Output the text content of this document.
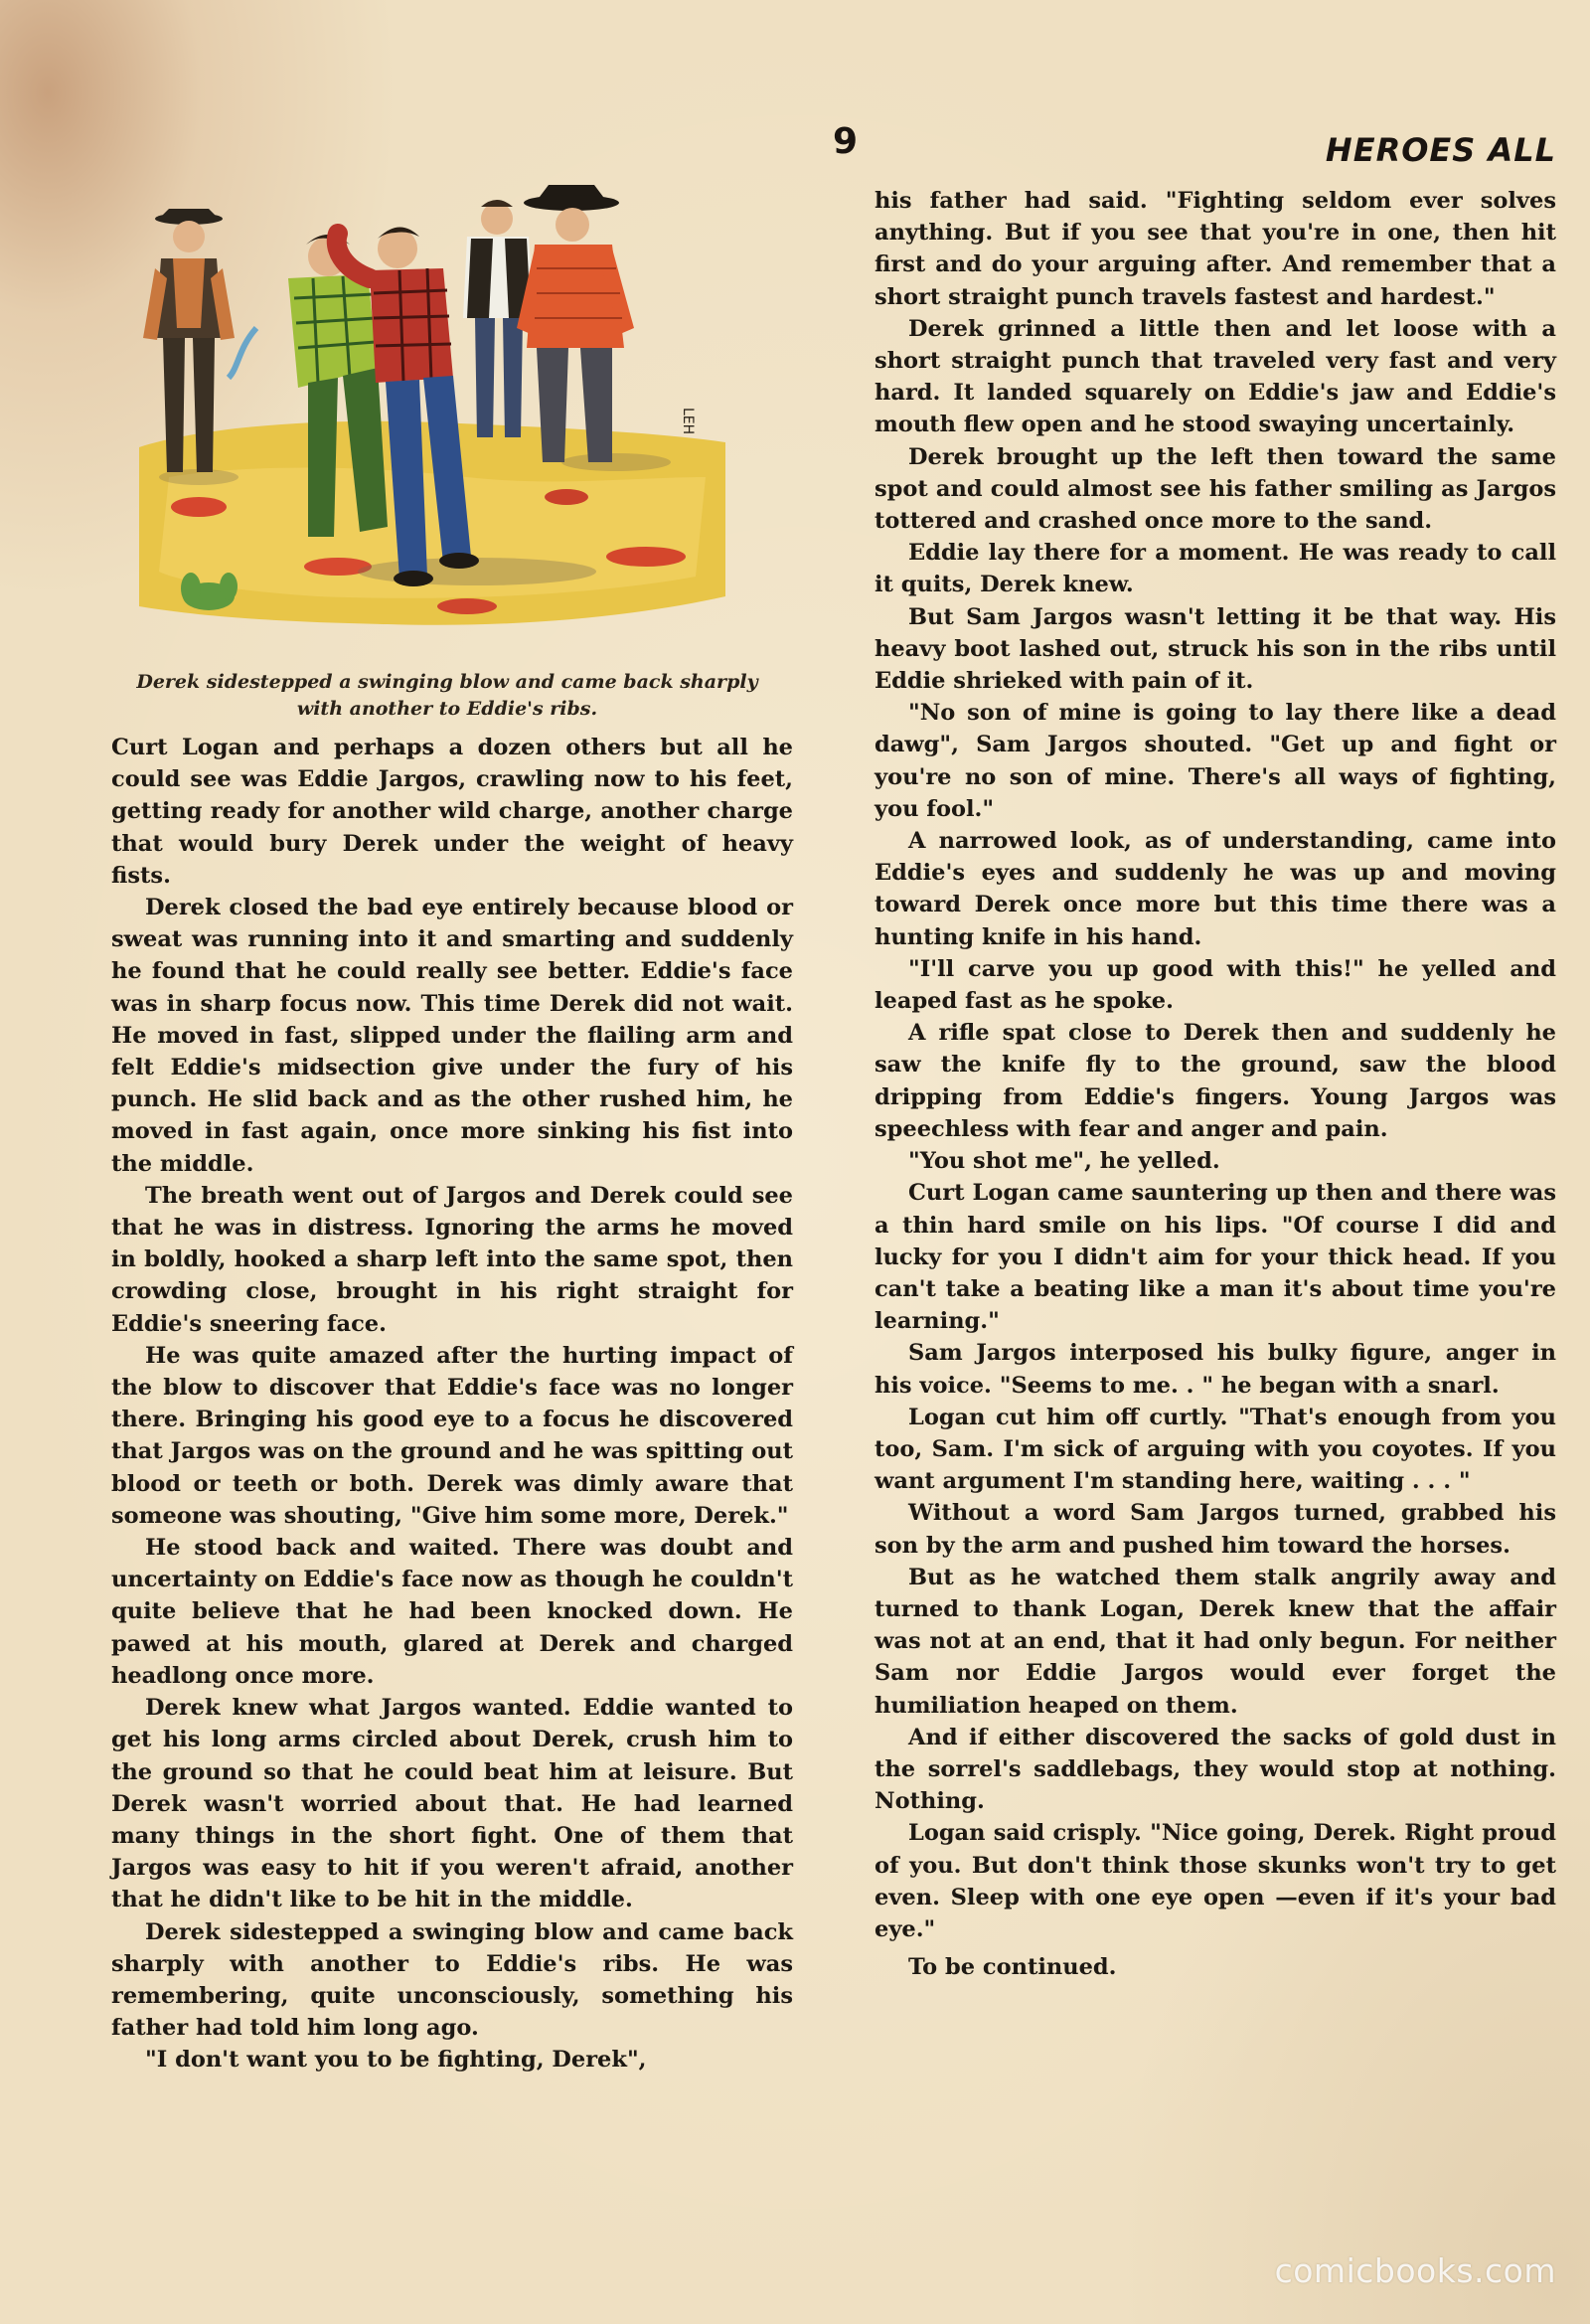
9	HEROES ALL
LEH
Derek sidestepped a swinging blow and came back sharply with another to Eddie's ribs.

Curt Logan and perhaps a dozen others but all he could see was Eddie Jargos, crawling now to his feet, getting ready for another wild charge, another charge that would bury Derek under the weight of heavy fists.

Derek closed the bad eye entirely because blood or sweat was running into it and smarting and suddenly he found that he could really see better. Eddie's face was in sharp focus now. This time Derek did not wait. He moved in fast, slipped under the flailing arm and felt Eddie's midsection give under the fury of his punch. He slid back and as the other rushed him, he moved in fast again, once more sinking his fist into the middle.

The breath went out of Jargos and Derek could see that he was in distress. Ignoring the arms he moved in boldly, hooked a sharp left into the same spot, then crowding close, brought in his right straight for Eddie's sneering face.

He was quite amazed after the hurting impact of the blow to discover that Eddie's face was no longer there. Bringing his good eye to a focus he discovered that Jargos was on the ground and he was spitting out blood or teeth or both. Derek was dimly aware that someone was shouting, "Give him some more, Derek."

He stood back and waited. There was doubt and uncertainty on Eddie's face now as though he couldn't quite believe that he had been knocked down. He pawed at his mouth, glared at Derek and charged headlong once more.

Derek knew what Jargos wanted. Eddie wanted to get his long arms circled about Derek, crush him to the ground so that he could beat him at leisure. But Derek wasn't worried about that. He had learned many things in the short fight. One of them that Jargos was easy to hit if you weren't afraid, another that he didn't like to be hit in the middle.

Derek sidestepped a swinging blow and came back sharply with another to Eddie's ribs. He was remembering, quite unconsciously, something his father had told him long ago.

"I don't want you to be fighting, Derek",

his father had said. "Fighting seldom ever solves anything. But if you see that you're in one, then hit first and do your arguing after. And remember that a short straight punch travels fastest and hardest."

Derek grinned a little then and let loose with a short straight punch that traveled very fast and very hard. It landed squarely on Eddie's jaw and Eddie's mouth flew open and he stood swaying uncertainly.

Derek brought up the left then toward the same spot and could almost see his father smiling as Jargos tottered and crashed once more to the sand.

Eddie lay there for a moment. He was ready to call it quits, Derek knew.

But Sam Jargos wasn't letting it be that way. His heavy boot lashed out, struck his son in the ribs until Eddie shrieked with pain of it.

"No son of mine is going to lay there like a dead dawg", Sam Jargos shouted. "Get up and fight or you're no son of mine. There's all ways of fighting, you fool."

A narrowed look, as of understanding, came into Eddie's eyes and suddenly he was up and moving toward Derek once more but this time there was a hunting knife in his hand.

"I'll carve you up good with this!" he yelled and leaped fast as he spoke.

A rifle spat close to Derek then and suddenly he saw the knife fly to the ground, saw the blood dripping from Eddie's fingers. Young Jargos was speechless with fear and anger and pain.

"You shot me", he yelled.

Curt Logan came sauntering up then and there was a thin hard smile on his lips. "Of course I did and lucky for you I didn't aim for your thick head. If you can't take a beating like a man it's about time you're learning."

Sam Jargos interposed his bulky figure, anger in his voice. "Seems to me. . " he began with a snarl.

Logan cut him off curtly. "That's enough from you too, Sam. I'm sick of arguing with you coyotes. If you want argument I'm standing here, waiting . . . "

Without a word Sam Jargos turned, grabbed his son by the arm and pushed him toward the horses.

But as he watched them stalk angrily away and turned to thank Logan, Derek knew that the affair was not at an end, that it had only begun. For neither Sam nor Eddie Jargos would ever forget the humiliation heaped on them.

And if either discovered the sacks of gold dust in the sorrel's saddlebags, they would stop at nothing. Nothing.

Logan said crisply. "Nice going, Derek. Right proud of you. But don't think those skunks won't try to get even. Sleep with one eye open —even if it's your bad eye."

To be continued.

comicbooks.com
